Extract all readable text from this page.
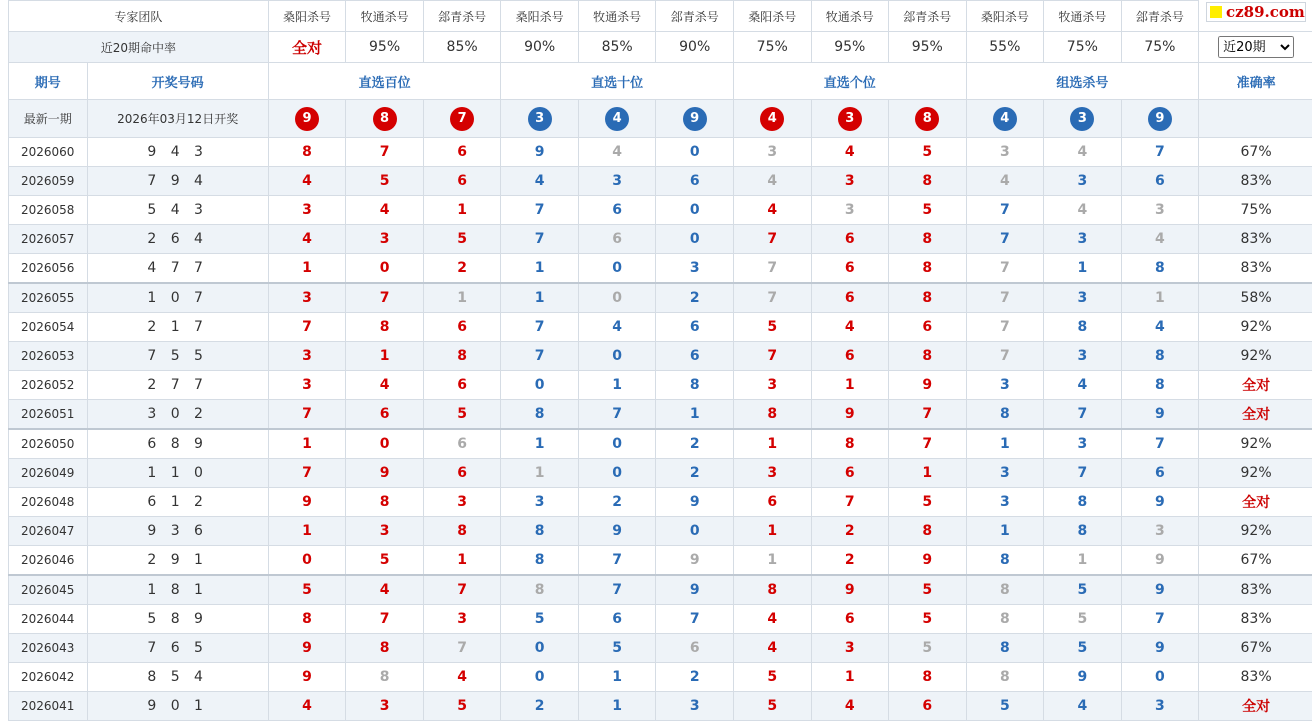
专家团队		桑阳杀号	牧通杀号	郐青杀号	桑阳杀号	牧通杀号	郐青杀号	桑阳杀号	牧通杀号	郐青杀号	桑阳杀号	牧通杀号	郐青杀号	
近20期命中率		全对	95%	85%	90%	85%	90%	75%	95%	95%	55%	75%	75%	
近20期
期号	开奖号码	直选百位			直选十位			直选个位			组选杀号			准确率
最新一期	2026年03月12日开奖	9	8	7	3	4	9	4	3	8	4	3	9	
2026060	9 4 3	8	7	6	9	4	0	3	4	5	3	4	7	67%
2026059	7 9 4	4	5	6	4	3	6	4	3	8	4	3	6	83%
2026058	5 4 3	3	4	1	7	6	0	4	3	5	7	4	3	75%
2026057	2 6 4	4	3	5	7	6	0	7	6	8	7	3	4	83%
2026056	4 7 7	1	0	2	1	0	3	7	6	8	7	1	8	83%
2026055	1 0 7	3	7	1	1	0	2	7	6	8	7	3	1	58%
2026054	2 1 7	7	8	6	7	4	6	5	4	6	7	8	4	92%
2026053	7 5 5	3	1	8	7	0	6	7	6	8	7	3	8	92%
2026052	2 7 7	3	4	6	0	1	8	3	1	9	3	4	8	全对
2026051	3 0 2	7	6	5	8	7	1	8	9	7	8	7	9	全对
2026050	6 8 9	1	0	6	1	0	2	1	8	7	1	3	7	92%
2026049	1 1 0	7	9	6	1	0	2	3	6	1	3	7	6	92%
2026048	6 1 2	9	8	3	3	2	9	6	7	5	3	8	9	全对
2026047	9 3 6	1	3	8	8	9	0	1	2	8	1	8	3	92%
2026046	2 9 1	0	5	1	8	7	9	1	2	9	8	1	9	67%
2026045	1 8 1	5	4	7	8	7	9	8	9	5	8	5	9	83%
2026044	5 8 9	8	7	3	5	6	7	4	6	5	8	5	7	83%
2026043	7 6 5	9	8	7	0	5	6	4	3	5	8	5	9	67%
2026042	8 5 4	9	8	4	0	1	2	5	1	8	8	9	0	83%
2026041	9 0 1	4	3	5	2	1	3	5	4	6	5	4	3	全对
cz89.com
